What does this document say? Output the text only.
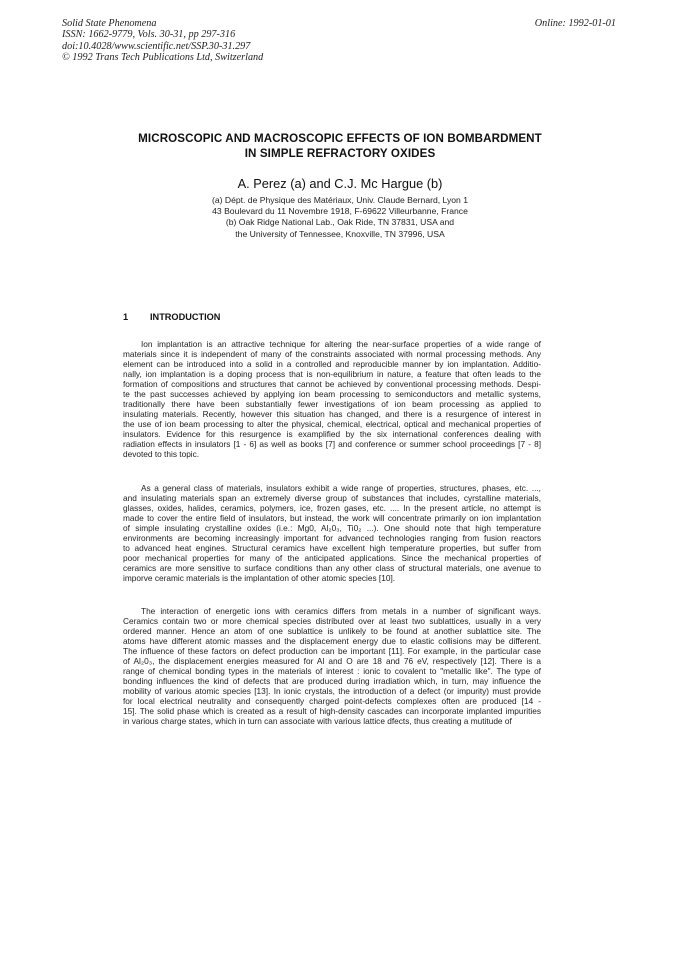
Solid State Phenomena
ISSN: 1662-9779, Vols. 30-31, pp 297-316
doi:10.4028/www.scientific.net/SSP.30-31.297
© 1992 Trans Tech Publications Ltd, Switzerland
Online: 1992-01-01
MICROSCOPIC AND MACROSCOPIC EFFECTS OF ION BOMBARDMENT
IN SIMPLE REFRACTORY OXIDES
A. Perez (a) and C.J. Mc Hargue (b)
(a) Dépt. de Physique des Matériaux, Univ. Claude Bernard, Lyon 1
43 Boulevard du 11 Novembre 1918, F-69622 Villeurbanne, France
(b) Oak Ridge National Lab., Oak Ride, TN 37831, USA and
the University of Tennessee, Knoxville, TN 37996, USA
1 INTRODUCTION
Ion implantation is an attractive technique for altering the near-surface properties of a wide range of
materials since it is independent of many of the constraints associated with normal processing methods. Any
element can be introduced into a solid in a controlled and reproducible manner by ion implantation. Additio-
nally, ion implantation is a doping process that is non-equilibrium in nature, a feature that often leads to the
formation of compositions and structures that cannot be achieved by conventional processing methods. Despi-
te the past successes achieved by applying ion beam processing to semiconductors and metallic systems,
traditionally there have been substantially fewer investigations of ion beam processing as applied to
insulating materials. Recently, however this situation has changed, and there is a resurgence of interest in
the use of ion beam processing to alter the physical, chemical, electrical, optical and mechanical properties of
insulators. Evidence for this resurgence is examplified by the six international conferences dealing with
radiation effects in insulators [1 - 6] as well as books [7] and conference or summer school proceedings [7 - 8]
devoted to this topic.
As a general class of materials, insulators exhibit a wide range of properties, structures, phases, etc. ...,
and insulating materials span an extremely diverse group of substances that includes, cyrstalline materials,
glasses, oxides, halides, ceramics, polymers, ice, frozen gases, etc. .... In the present article, no attempt is
made to cover the entire field of insulators, but instead, the work will concentrate primarily on ion implantation
of simple insulating crystalline oxides (i.e.: Mg0, Al₂0₃, Ti0₂ ...). One should note that high temperature
environments are becoming increasingly important for advanced technologies ranging from fusion reactors
to advanced heat engines. Structural ceramics have excellent high temperature properties, but suffer from
poor mechanical properties for many of the anticipated applications. Since the mechanical properties of
ceramics are more sensitive to surface conditions than any other class of structural materials, one avenue to
imporve ceramic materials is the implantation of other atomic species [10].
The interaction of energetic ions with ceramics differs from metals in a number of significant ways.
Ceramics contain two or more chemical species distributed over at least two sublattices, usually in a very
ordered manner. Hence an atom of one sublattice is unlikely to be found at another sublattice site. The
atoms have different atomic masses and the displacement energy due to elastic collisions may be different.
The influence of these factors on defect production can be important [11]. For example, in the particular case
of Al₂0₃, the displacement energies measured for Al and O are 18 and 76 eV, respectively [12]. There is a
range of chemical bonding types in the materials of interest : ionic to covalent to "metallic like". The type of
bonding influences the kind of defects that are produced during irradiation which, in turn, may influence the
mobility of various atomic species [13]. In ionic crystals, the introduction of a defect (or impurity) must provide
for local electrical neutrality and consequently charged point-defects complexes often are produced [14 -
15]. The solid phase which is created as a result of high-density cascades can incorporate implanted impurities
in various charge states, which in turn can associate with various lattice dfects, thus creating a mutitude of
